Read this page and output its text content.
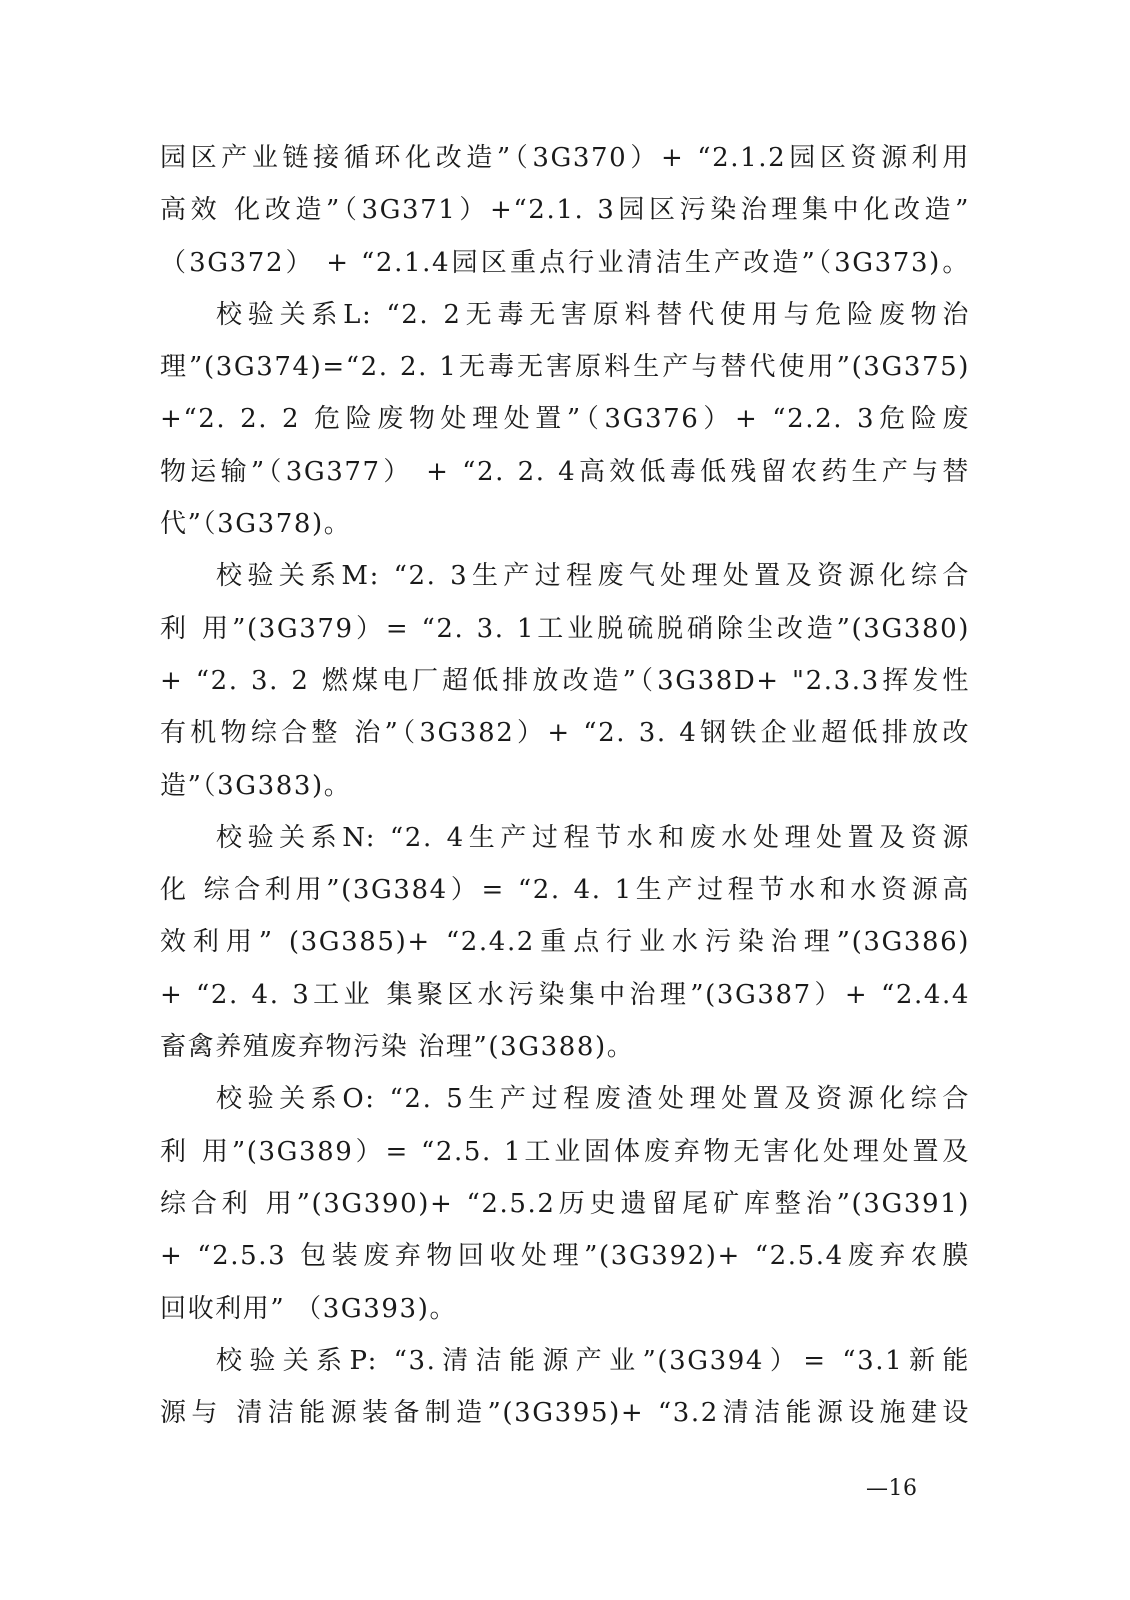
园区产业链接循环化改造”（3G370）+ “2.1.2园区资源利用
高效 化改造”（3G371）+“2.1. 3园区污染治理集中化改造”
（3G372） + “2.1.4园区重点行业清洁生产改造”（3G373)。
校验关系L: “2. 2无毒无害原料替代使用与危险废物治
理”(3G374)=“2. 2. 1无毒无害原料生产与替代使用”(3G375)
+“2. 2. 2 危险废物处理处置”（3G376）+ “2.2. 3危险废
物运输”（3G377） + “2. 2. 4高效低毒低残留农药生产与替
代”（3G378)。
校验关系M: “2. 3生产过程废气处理处置及资源化综合
利 用”(3G379）= “2. 3. 1工业脱硫脱硝除尘改造”(3G380)
+ “2. 3. 2 燃煤电厂超低排放改造”（3G38D+ "2.3.3挥发性
有机物综合整 治”（3G382）+ “2. 3. 4钢铁企业超低排放改
造”（3G383)。
校验关系N: “2. 4生产过程节水和废水处理处置及资源
化 综合利用”(3G384）= “2. 4. 1生产过程节水和水资源高
效利用” (3G385)+ “2.4.2重点行业水污染治理”(3G386)
+ “2. 4. 3工业 集聚区水污染集中治理”(3G387）+ “2.4.4
畜禽养殖废弃物污染 治理”(3G388)。
校验关系O: “2. 5生产过程废渣处理处置及资源化综合
利 用”(3G389）= “2.5. 1工业固体废弃物无害化处理处置及
综合利 用”(3G390)+ “2.5.2历史遗留尾矿库整治”(3G391)
+ “2.5.3 包装废弃物回收处理”(3G392)+ “2.5.4废弃农膜
回收利用” （3G393)。
校验关系P: “3.清洁能源产业”(3G394）= “3.1新能
源与 清洁能源装备制造”(3G395)+ “3.2清洁能源设施建设
—16
